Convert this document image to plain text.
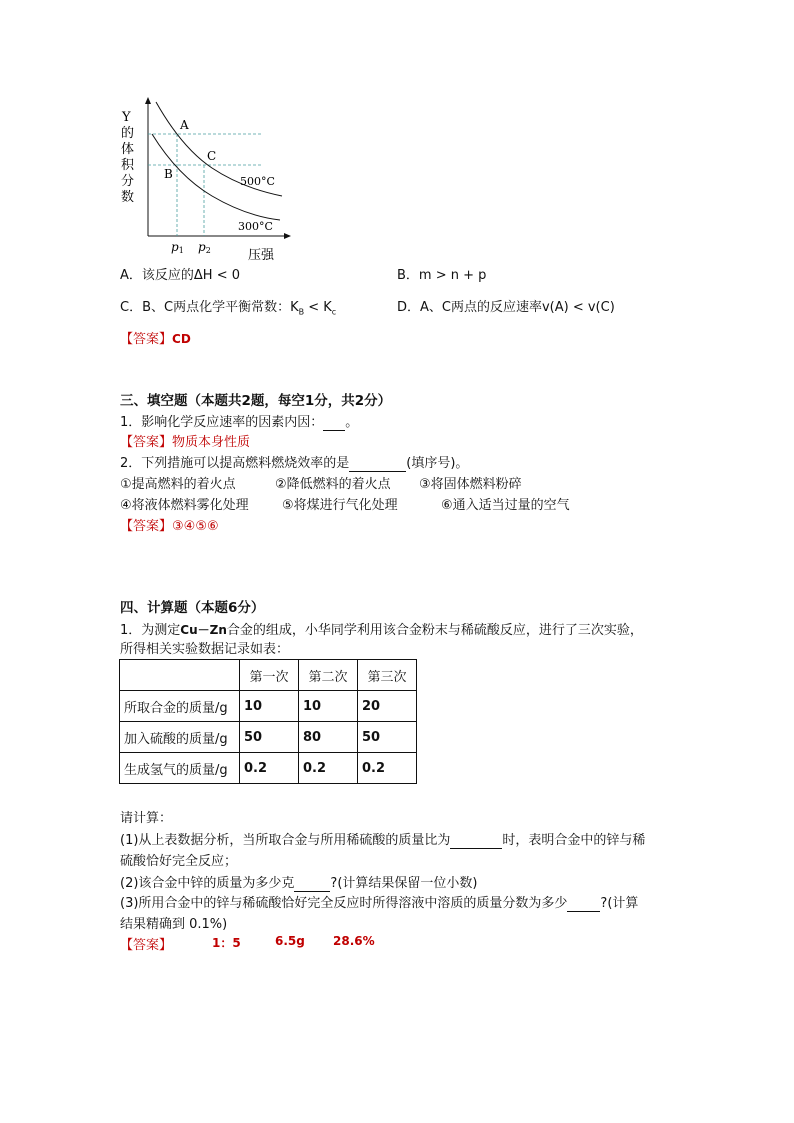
A
C
B
500°C
300°C
p1 p2	压强
Y
的
体
积
分
数
A．该反应的ΔH < 0	B．m > n + p
C．B、C两点化学平衡常数：$K_B < K_c$	D．A、C两点的反应速率v(A) < v(C)
【答案】CD
三、填空题（本题共2题，每空1分，共2分）
1．影响化学反应速率的因素内因： 。
【答案】物质本身性质
2．下列措施可以提高燃料燃烧效率的是	(填序号)。
①提高燃料的着火点	②降低燃料的着火点 ③将固体燃料粉碎
④将液体燃料雾化处理	⑤将煤进行气化处理	⑥通入适当过量的空气
【答案】③④⑤⑥
四、计算题（本题6分）
1．为测定Cu－Zn合金的组成，小华同学利用该合金粉末与稀硫酸反应，进行了三次实验，
所得相关实验数据记录如表：
	第一次	第二次	第三次
所取合金的质量/g	10	10	20
加入硫酸的质量/g	50	80	50
生成氢气的质量/g	0.2	0.2	0.2
请计算：
(1)从上表数据分析，当所取合金与所用稀硫酸的质量比为	时，表明合金中的锌与稀
硫酸恰好完全反应；
(2)该合金中锌的质量为多少克	?(计算结果保留一位小数)
(3)所用合金中的锌与稀硫酸恰好完全反应时所得溶液中溶质的质量分数为多少	?(计算
结果精确到 0.1%)
【答案】	1：5	6.5g 28.6%
